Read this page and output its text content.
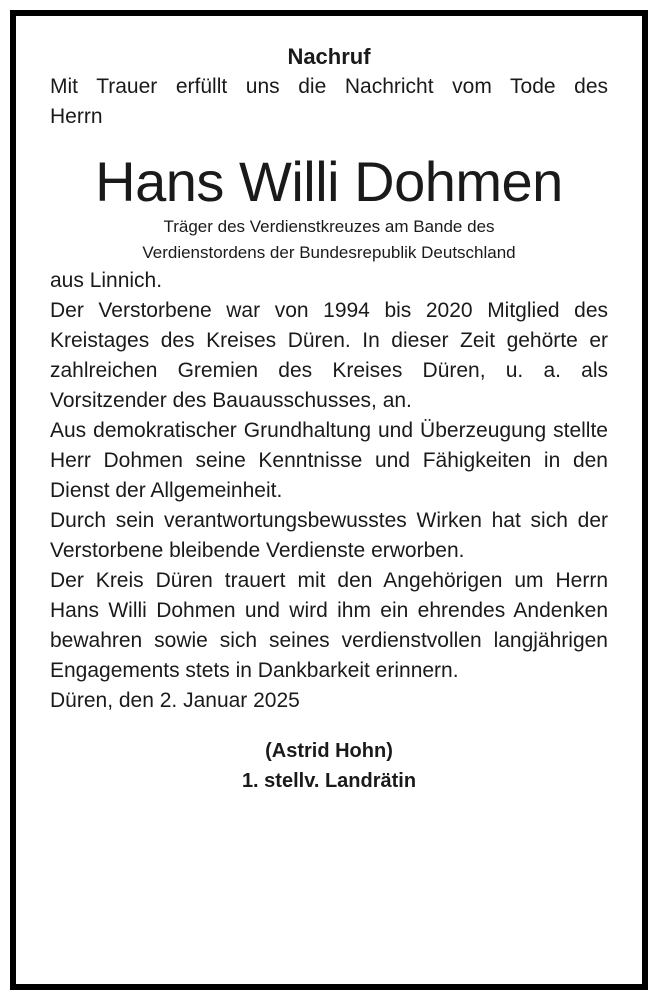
Nachruf

Mit Trauer erfüllt uns die Nachricht vom Tode des

Herrn

Hans Willi Dohmen

Träger des Verdienstkreuzes am Bande des

Verdienstordens der Bundesrepublik Deutschland

aus Linnich.

Der Verstorbene war von 1994 bis 2020 Mitglied des Kreistages des Kreises Düren. In dieser Zeit gehörte er zahlreichen Gremien des Kreises Düren, u. a. als Vorsitzender des Bauausschusses, an.

Aus demokratischer Grundhaltung und Überzeugung stellte Herr Dohmen seine Kenntnisse und Fähigkeiten in den Dienst der Allgemeinheit.

Durch sein verantwortungsbewusstes Wirken hat sich der Verstorbene bleibende Verdienste erworben.

Der Kreis Düren trauert mit den Angehörigen um Herrn Hans Willi Dohmen und wird ihm ein ehrendes Andenken bewahren sowie sich seines verdienstvollen langjährigen Engagements stets in Dankbarkeit erinnern.

Düren, den 2. Januar 2025

(Astrid Hohn)
1. stellv. Landrätin
